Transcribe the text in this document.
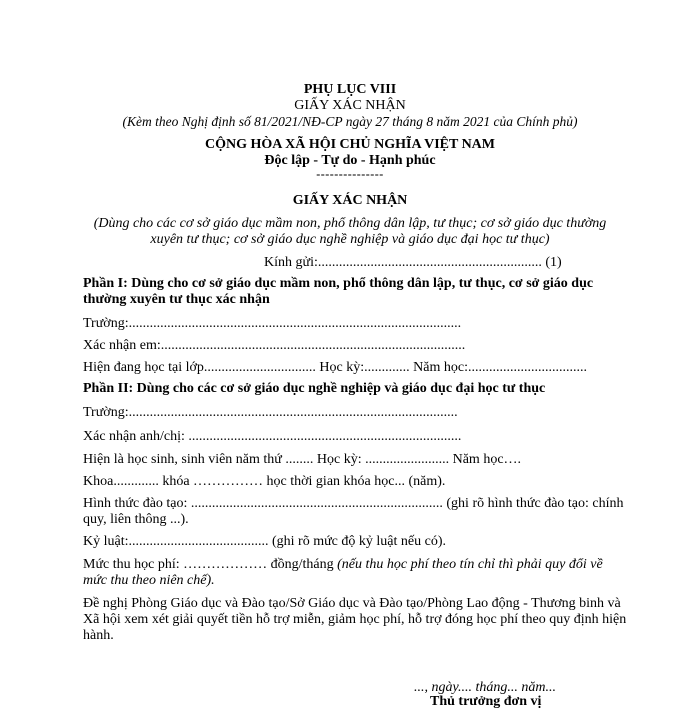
PHỤ LỤC VIII
GIẤY XÁC NHẬN
(Kèm theo Nghị định số 81/2021/NĐ-CP ngày 27 tháng 8 năm 2021 của Chính phủ)
CỘNG HÒA XÃ HỘI CHỦ NGHĨA VIỆT NAM
Độc lập - Tự do - Hạnh phúc
---------------
GIẤY XÁC NHẬN
(Dùng cho các cơ sở giáo dục mầm non, phổ thông dân lập, tư thục; cơ sở giáo dục thường
xuyên tư thục; cơ sở giáo dục nghề nghiệp và giáo dục đại học tư thục)
Kính gửi:................................................................ (1)
Phần I: Dùng cho cơ sở giáo dục mầm non, phổ thông dân lập, tư thục, cơ sở giáo dục
thường xuyên tư thục xác nhận
Trường:...............................................................................................
Xác nhận em:.......................................................................................
Hiện đang học tại lớp................................ Học kỳ:............. Năm học:..................................
Phần II: Dùng cho các cơ sở giáo dục nghề nghiệp và giáo dục đại học tư thục
Trường:..............................................................................................
Xác nhận anh/chị: ..............................................................................
Hiện là học sinh, sinh viên năm thứ ........ Học kỳ: ........................ Năm học….
Khoa............. khóa …………… học thời gian khóa học... (năm).
Hình thức đào tạo: ........................................................................ (ghi rõ hình thức đào tạo: chính
quy, liên thông ...).
Kỷ luật:........................................ (ghi rõ mức độ kỷ luật nếu có).
Mức thu học phí: ……………… đồng/tháng (nếu thu học phí theo tín chỉ thì phải quy đổi về
mức thu theo niên chế).
Đề nghị Phòng Giáo dục và Đào tạo/Sở Giáo dục và Đào tạo/Phòng Lao động - Thương binh và
Xã hội xem xét giải quyết tiền hỗ trợ miễn, giảm học phí, hỗ trợ đóng học phí theo quy định hiện
hành.
..., ngày.... tháng... năm...
Thủ trưởng đơn vị
